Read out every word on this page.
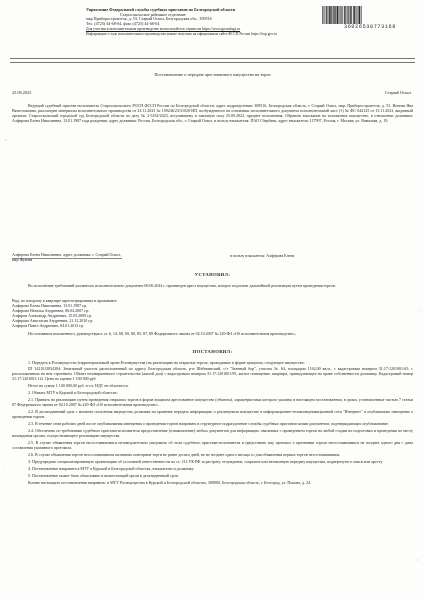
Управление Федеральной службы судебных приставов по Белгородской области
Старооскольское районное отделение
мкр Приборостроитель, д. 53, Старый Оскол, Белгородская обл., 309516
Тел. (4725) 44-68-04, факс (4725) 44-68-04
Для участия в исполнительном производстве воспользуйтесь сервисом https://www.gosuslugi.ru
Информацию о ходе исполнительного производства можно получить на официальном сайте ФССП России https://fssp.gov.ru
36026530773168
Постановление о передаче арестованного имущества на торги
25.08.2025	Старый Оскол

Ведущий судебный пристав-исполнитель Старооскольского РОСП ФССП России по Белгородской области, адрес подразделения: 309516, Белгородская область, г. Старый Оскол, мкр. Приборостроитель, д. 53, Ионова Яна Вячеславовна, рассмотрев материалы исполнительного производства от 23.11.2023 № 109246/23/31020-ИП, возбужденного на основании исполнительного документа исполнительный лист (1) № ФС 044125 от 15.11.2023, выданный органом: Старооскольский городской суд Белгородской области по делу № 2-3182/2023, вступившему в законную силу 25.09.2023, предмет исполнения: Обратить взыскание на заложенное имущество, в отношении должника: Алферова Елена Николаевна, 13.01.1987 года рождения, адрес должника: Россия, Белгородская обл., г. Старый Оскол, в пользу взыскателя: ПАО Сбербанк, адрес взыскателя: 117997, Россия, г. Москва, ул. Вавилова, д. 19,

Алферова Елена Николаевна, адрес должника: г. Старый Оскол, мкр Жукова
в пользу взыскателя: Алферова Елена
УСТАНОВИЛ:

Во исполнение требований указанного исполнительного документа 06.06.2024 г. произведен арест имущества, которое подлежит дальнейшей реализации путем проведения торгов.

Вид, по которому в квартире зарегистрированы и проживают:
Алферова Елена Николаевна, 13.01.1987 г.р.
Алферова Наталья Андреевна, 06.04.2007 г.р.
Алферов Александр Андреевич, 15.03.2009 г.р.
Алферова Анастасия Андреевна, 21.12.2010 г.р.
Алферов Павел Андреевич, 04.01.2013 г.р.

На основании изложенного, руководствуясь ст. 6, 14, 68, 69, 80, 85, 87, 89 Федерального закона от 02.10.2007 № 229-ФЗ «Об исполнительном производстве»,

ПОСТАНОВИЛ:

1. Передать в Росимущество (территориальный орган Росимущества) на реализацию на открытых торгах, проводимых в форме аукциона, следующее имущество:

ID 1421012834384: Земельный участок расположенный по адресу Белгородская область, р-н Шебекинский, с/т "Зеленый бор", участок № 64, площадью 1162,00 кв.м., с кадастровым номером 31:17:1201001:65; с расположенным на нем строением. Объект незавершенного строительства (жилой дом) с кадастровым номером 31:17:1201001:95, жилое помещение, квартира, принадлежащее на праве собственности должнику, Кадастровый номер 31:17:1201001:112. Цена по оценке 1 100 000 руб.

Итого на сумму 1 100 000,00 руб. в т.ч. НДС не облагается.

2. Обязать МТУ в Курской и Белгородской областях:

2.1. Принять на реализацию путем проведения открытых торгов в форме аукциона арестованное имущество (объекты), характеристики которого указаны в настоящем постановлении, в сроки, установленные частью 7 статьи 87 Федерального закона от 02.10.2007 № 229-ФЗ «Об исполнительном производстве».

2.2. В десятидневный срок с момента получения имущества должника на хранение передать информацию о реализуемом имуществе в информационно-телекоммуникационной сети "Интернет" и опубликовать извещение о проведении торгов.

2.3. В течение семи рабочих дней после опубликования извещения о проведении торгов направить в структурное подразделение службы судебных приставов копии документов, подтверждающих опубликование.

2.4. Обеспечить по требованию судебного пристава-исполнителя предоставление (ознакомление) любых документов для информации, связанных с проведением торгов на любой стадии их подготовки и проведения по месту нахождения органа, осуществляющего реализацию имущества.

2.5. В случае объявления торгов несостоявшимися незамедлительно уведомить об этом судебного пристава-исполнителя и представить ему протокол о признании торгов несостоявшимися не позднее одного дня с даты составления указанного протокола.

2.6. В случае объявления торгов несостоявшимися назначить повторные торги не ранее десяти дней, но не позднее одного месяца со дня объявления первых торгов несостоявшимися.

3. Предупредить специализированную организацию об уголовной ответственности по ст. 312 УК РФ за растрату, отчуждение, сокрытие или незаконную передачу имущества, подвергнутого описи или аресту.

4. Постановление направить в МТУ в Курской и Белгородской областях, взыскателю и должнику.

5. Постановление может быть обжаловано в вышестоящий орган в десятидневный срок.

Копию настоящего постановления направить: в МТУ Росимущества в Курской и Белгородской областях, 308000, Белгородская область, г. Белгород, ул. Попова, д. 24.
